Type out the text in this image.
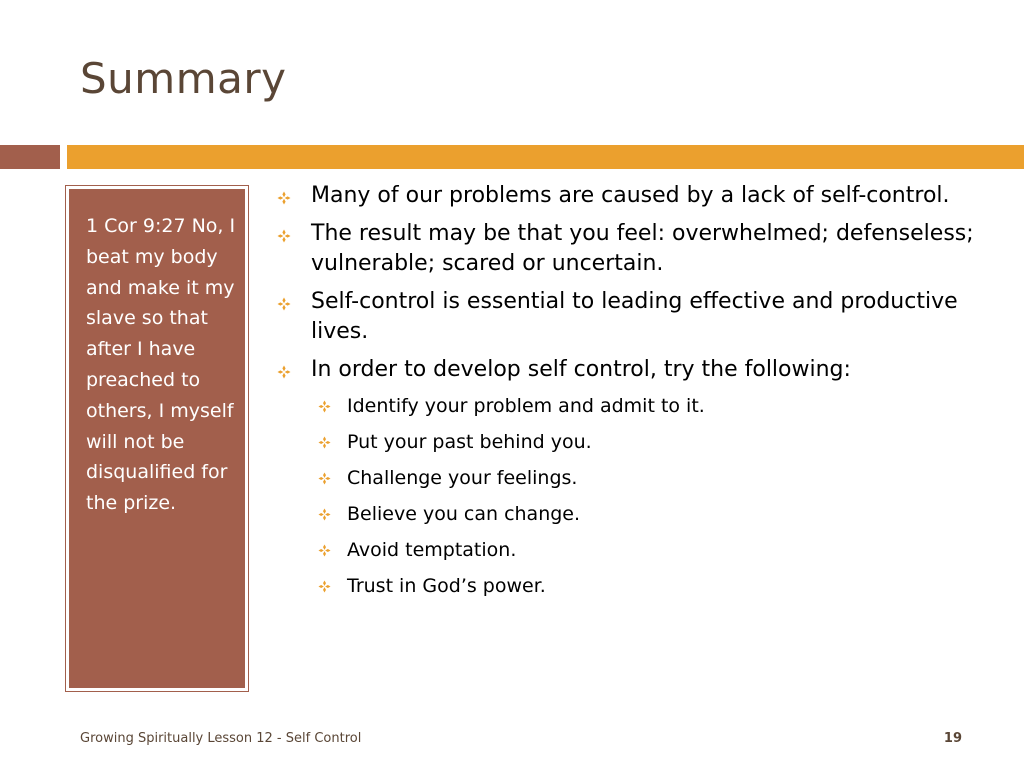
Summary
1 Cor 9:27 No, I beat my body and make it my slave so that after I have preached to others, I myself will not be disqualified for the prize.
Many of our problems are caused by a lack of self-control.
The result may be that you feel: overwhelmed; defenseless; vulnerable; scared or uncertain.
Self-control is essential to leading effective and productive lives.
In order to develop self control, try the following:
Identify your problem and admit to it.
Put your past behind you.
Challenge your feelings.
Believe you can change.
Avoid temptation.
Trust in God’s power.
Growing Spiritually Lesson 12 - Self Control	19
